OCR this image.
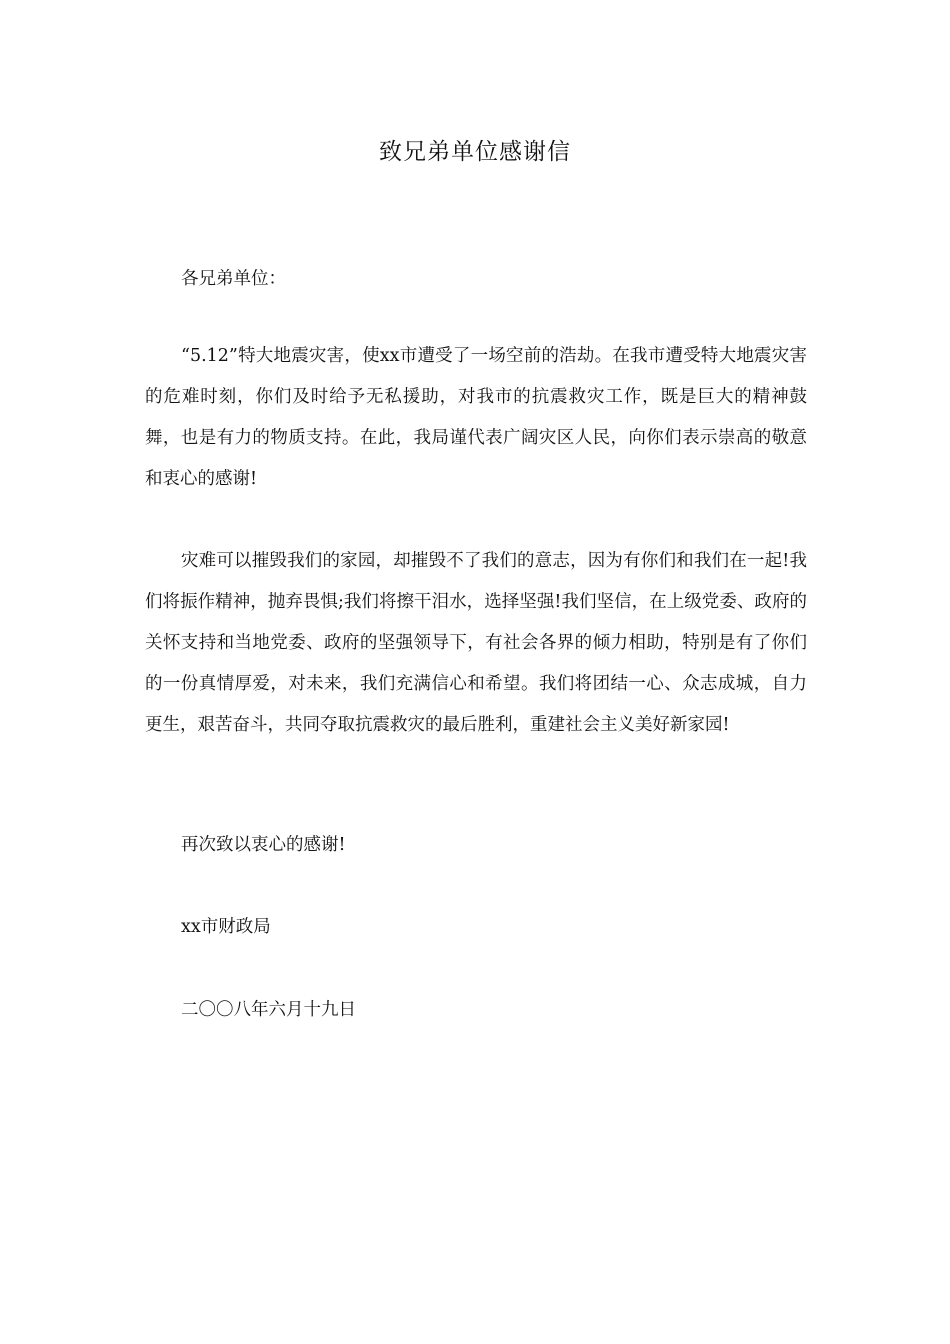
致兄弟单位感谢信

各兄弟单位：

“5.12”特大地震灾害，使xx市遭受了一场空前的浩劫。在我市遭受特大地震灾害的危难时刻，你们及时给予无私援助，对我市的抗震救灾工作，既是巨大的精神鼓舞，也是有力的物质支持。在此，我局谨代表广阔灾区人民，向你们表示崇高的敬意和衷心的感谢!

灾难可以摧毁我们的家园，却摧毁不了我们的意志，因为有你们和我们在一起!我们将振作精神，抛弃畏惧;我们将擦干泪水，选择坚强!我们坚信，在上级党委、政府的关怀支持和当地党委、政府的坚强领导下，有社会各界的倾力相助，特别是有了你们的一份真情厚爱，对未来，我们充满信心和希望。我们将团结一心、众志成城，自力更生，艰苦奋斗，共同夺取抗震救灾的最后胜利，重建社会主义美好新家园!

再次致以衷心的感谢!

xx市财政局

二〇〇八年六月十九日
